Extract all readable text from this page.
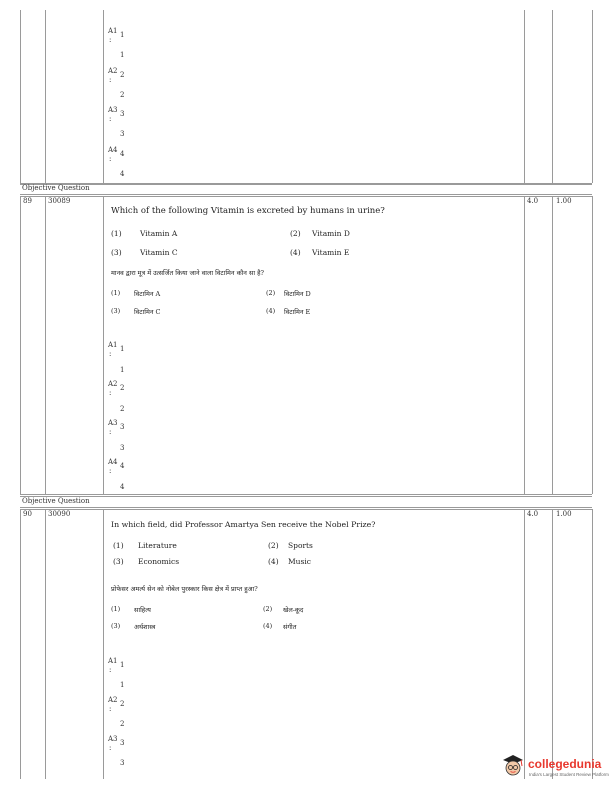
A1 1
:
1
A2 2
:
2
A3 3
:
3
A4 4
:
4
Objective Question
89 30089	4.0	1.00
Which of the following Vitamin is excreted by humans in urine?
(1) Vitamin A	(2) Vitamin D
(3) Vitamin C	(4) Vitamin E
मानव द्वारा मूत्र में उत्सर्जित किया जाने वाला विटामिन कौन सा है?
(1) विटामिन A	(2) विटामिन D
(3) विटामिन C	(4) विटामिन E
A1 1
:
1
A2 2
:
2
A3 3
:
3
A4 4
:
4
Objective Question
90 30090	4.0	1.00
In which field, did Professor Amartya Sen receive the Nobel Prize?
(1) Literature	(2) Sports
(3) Economics	(4) Music
प्रोफेसर अमर्त्य सेन को नोबेल पुरस्कार किस क्षेत्र में प्राप्त हुआ?
(1) साहित्य	(2) खेल-कूद
(3) अर्थशास्त्र	(4) संगीत
A1 1
:
1
A2 2
:
2
A3 3
:
3	collegedunia
India's Largest Student Review Platform
